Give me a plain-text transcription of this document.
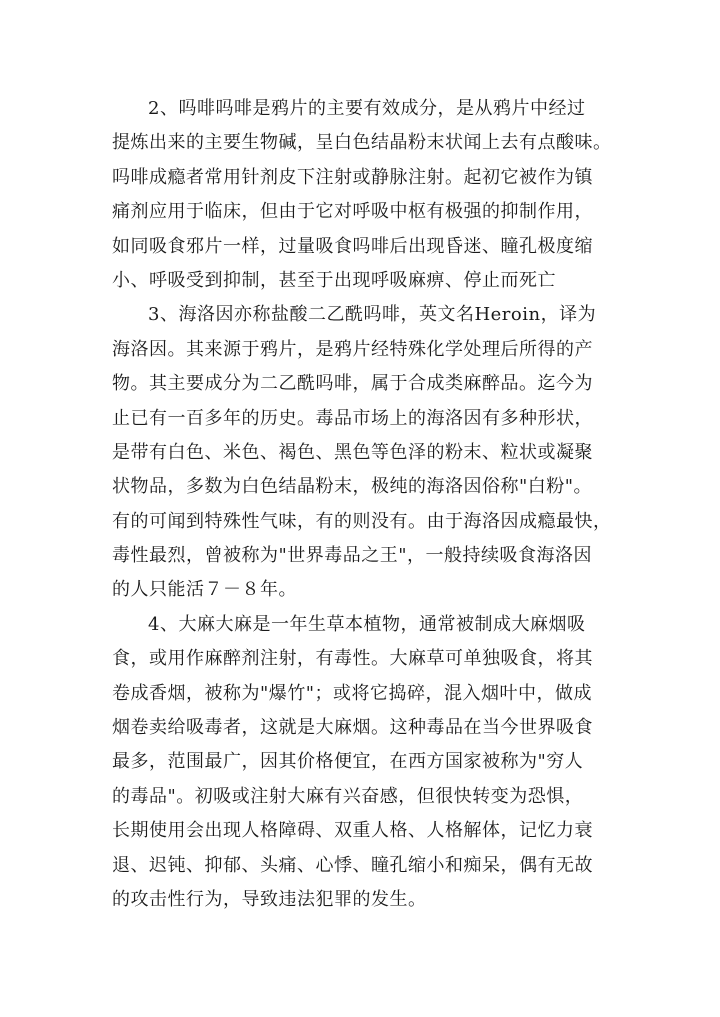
2、吗啡吗啡是鸦片的主要有效成分，是从鸦片中经过
提炼出来的主要生物碱，呈白色结晶粉末状闻上去有点酸味。
吗啡成瘾者常用针剂皮下注射或静脉注射。起初它被作为镇
痛剂应用于临床，但由于它对呼吸中枢有极强的抑制作用，
如同吸食邪片一样，过量吸食吗啡后出现昏迷、瞳孔极度缩
小、呼吸受到抑制，甚至于出现呼吸麻痹、停止而死亡
3、海洛因亦称盐酸二乙酰吗啡，英文名Heroin，译为
海洛因。其来源于鸦片，是鸦片经特殊化学处理后所得的产
物。其主要成分为二乙酰吗啡，属于合成类麻醉品。迄今为
止已有一百多年的历史。毒品市场上的海洛因有多种形状，
是带有白色、米色、褐色、黑色等色泽的粉末、粒状或凝聚
状物品，多数为白色结晶粉末，极纯的海洛因俗称"白粉"。
有的可闻到特殊性气味，有的则没有。由于海洛因成瘾最快，
毒性最烈，曾被称为"世界毒品之王"，一般持续吸食海洛因
的人只能活７－８年。
4、大麻大麻是一年生草本植物，通常被制成大麻烟吸
食，或用作麻醉剂注射，有毒性。大麻草可单独吸食，将其
卷成香烟，被称为"爆竹"；或将它捣碎，混入烟叶中，做成
烟卷卖给吸毒者，这就是大麻烟。这种毒品在当今世界吸食
最多，范围最广，因其价格便宜，在西方国家被称为"穷人
的毒品"。初吸或注射大麻有兴奋感，但很快转变为恐惧，
长期使用会出现人格障碍、双重人格、人格解体，记忆力衰
退、迟钝、抑郁、头痛、心悸、瞳孔缩小和痴呆，偶有无故
的攻击性行为，导致违法犯罪的发生。
